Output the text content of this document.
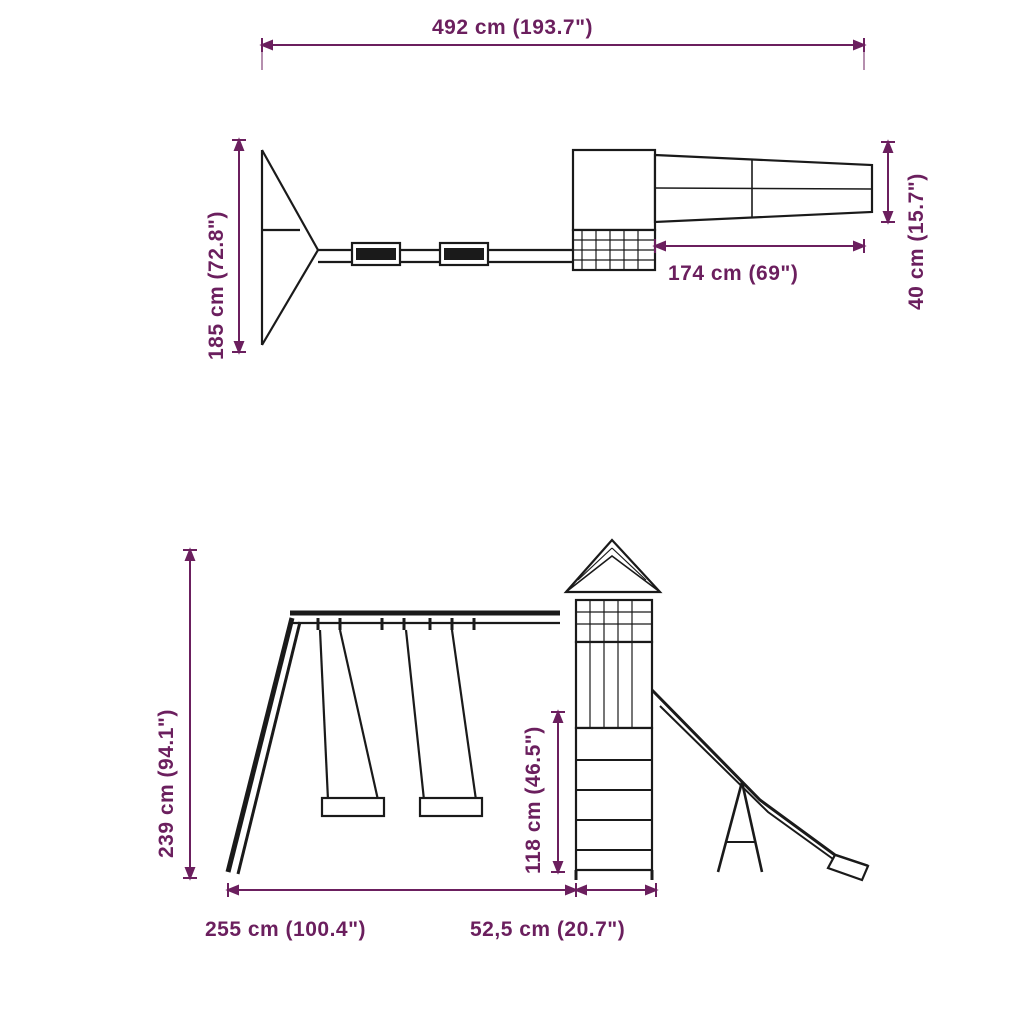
492 cm (193.7")
185 cm (72.8")	40 cm (15.7")
174 cm (69")
239 cm (94.1")	118 cm (46.5")
255 cm (100.4")	52,5 cm (20.7")
